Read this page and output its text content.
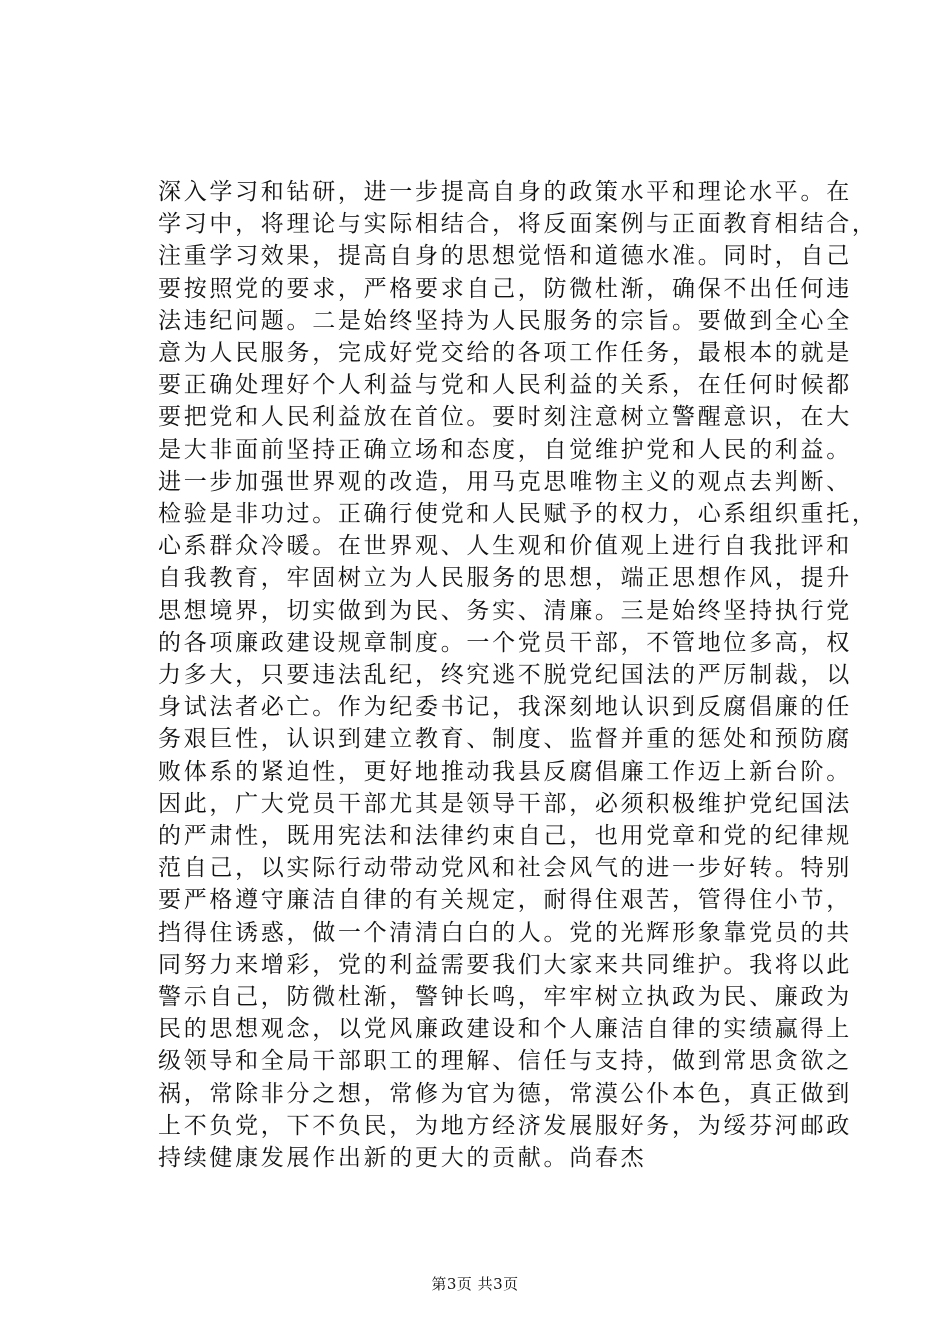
深入学习和钻研，进一步提高自身的政策水平和理论水平。在
学习中，将理论与实际相结合，将反面案例与正面教育相结合，
注重学习效果，提高自身的思想觉悟和道德水准。同时，自己
要按照党的要求，严格要求自己，防微杜渐，确保不出任何违
法违纪问题。二是始终坚持为人民服务的宗旨。要做到全心全
意为人民服务，完成好党交给的各项工作任务，最根本的就是
要正确处理好个人利益与党和人民利益的关系，在任何时候都
要把党和人民利益放在首位。要时刻注意树立警醒意识，在大
是大非面前坚持正确立场和态度，自觉维护党和人民的利益。
进一步加强世界观的改造，用马克思唯物主义的观点去判断、
检验是非功过。正确行使党和人民赋予的权力，心系组织重托，
心系群众冷暖。在世界观、人生观和价值观上进行自我批评和
自我教育，牢固树立为人民服务的思想，端正思想作风，提升
思想境界，切实做到为民、务实、清廉。三是始终坚持执行党
的各项廉政建设规章制度。一个党员干部，不管地位多高，权
力多大，只要违法乱纪，终究逃不脱党纪国法的严厉制裁，以
身试法者必亡。作为纪委书记，我深刻地认识到反腐倡廉的任
务艰巨性，认识到建立教育、制度、监督并重的惩处和预防腐
败体系的紧迫性，更好地推动我县反腐倡廉工作迈上新台阶。
因此，广大党员干部尤其是领导干部，必须积极维护党纪国法
的严肃性，既用宪法和法律约束自己，也用党章和党的纪律规
范自己，以实际行动带动党风和社会风气的进一步好转。特别
要严格遵守廉洁自律的有关规定，耐得住艰苦，管得住小节，
挡得住诱惑，做一个清清白白的人。党的光辉形象靠党员的共
同努力来增彩，党的利益需要我们大家来共同维护。我将以此
警示自己，防微杜渐，警钟长鸣，牢牢树立执政为民、廉政为
民的思想观念，以党风廉政建设和个人廉洁自律的实绩赢得上
级领导和全局干部职工的理解、信任与支持，做到常思贪欲之
祸，常除非分之想，常修为官为德，常漠公仆本色，真正做到
上不负党，下不负民，为地方经济发展服好务，为绥芬河邮政
持续健康发展作出新的更大的贡献。尚春杰
第3页 共3页
